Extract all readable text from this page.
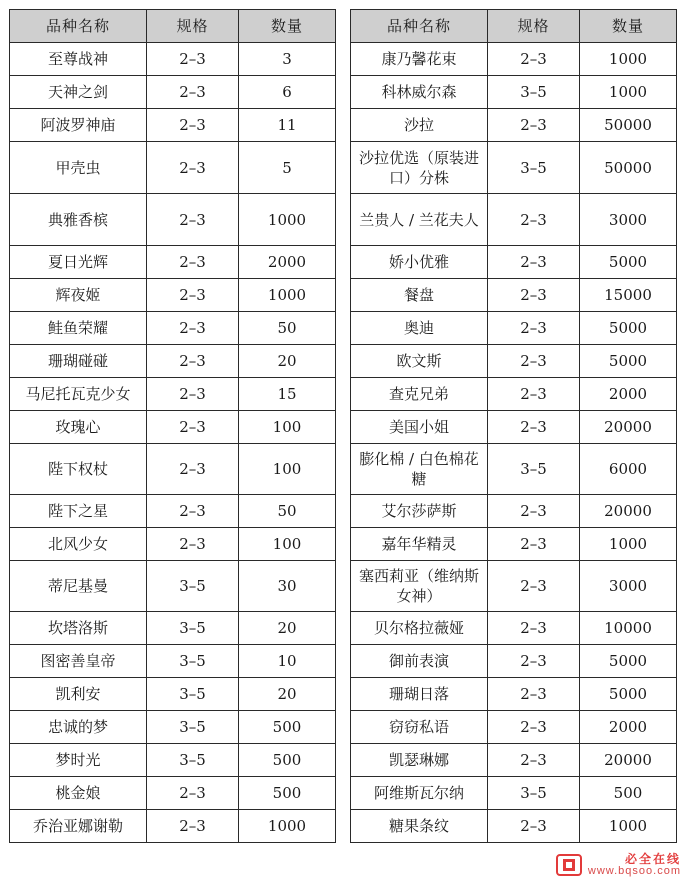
品种名称	规格	数量
至尊战神	2–3	3
天神之剑	2–3	6
阿波罗神庙	2–3	11
甲壳虫	2–3	5
典雅香槟	2–3	1000
夏日光辉	2–3	2000
辉夜姬	2–3	1000
鲑鱼荣耀	2–3	50
珊瑚碰碰	2–3	20
马尼托瓦克少女	2–3	15
玫瑰心	2–3	100
陛下权杖	2–3	100
陛下之星	2–3	50
北风少女	2–3	100
蒂尼基曼	3–5	30
坎塔洛斯	3–5	20
图密善皇帝	3–5	10
凯利安	3–5	20
忠诚的梦	3–5	500
梦时光	3–5	500
桃金娘	2–3	500
乔治亚娜谢勒	2–3	1000
品种名称	规格	数量
康乃馨花束	2–3	1000
科林威尔森	3–5	1000
沙拉	2–3	50000
沙拉优选（原装进口）分株	3–5	50000
兰贵人 / 兰花夫人	2–3	3000
娇小优雅	2–3	5000
餐盘	2–3	15000
奥迪	2–3	5000
欧文斯	2–3	5000
查克兄弟	2–3	2000
美国小姐	2–3	20000
膨化棉 / 白色棉花糖	3–5	6000
艾尔莎萨斯	2–3	20000
嘉年华精灵	2–3	1000
塞西莉亚（维纳斯女神）	2–3	3000
贝尔格拉薇娅	2–3	10000
御前表演	2–3	5000
珊瑚日落	2–3	5000
窃窃私语	2–3	2000
凯瑟琳娜	2–3	20000
阿维斯瓦尔纳	3–5	500
糖果条纹	2–3	1000
必全在线
www.bqsoo.com
